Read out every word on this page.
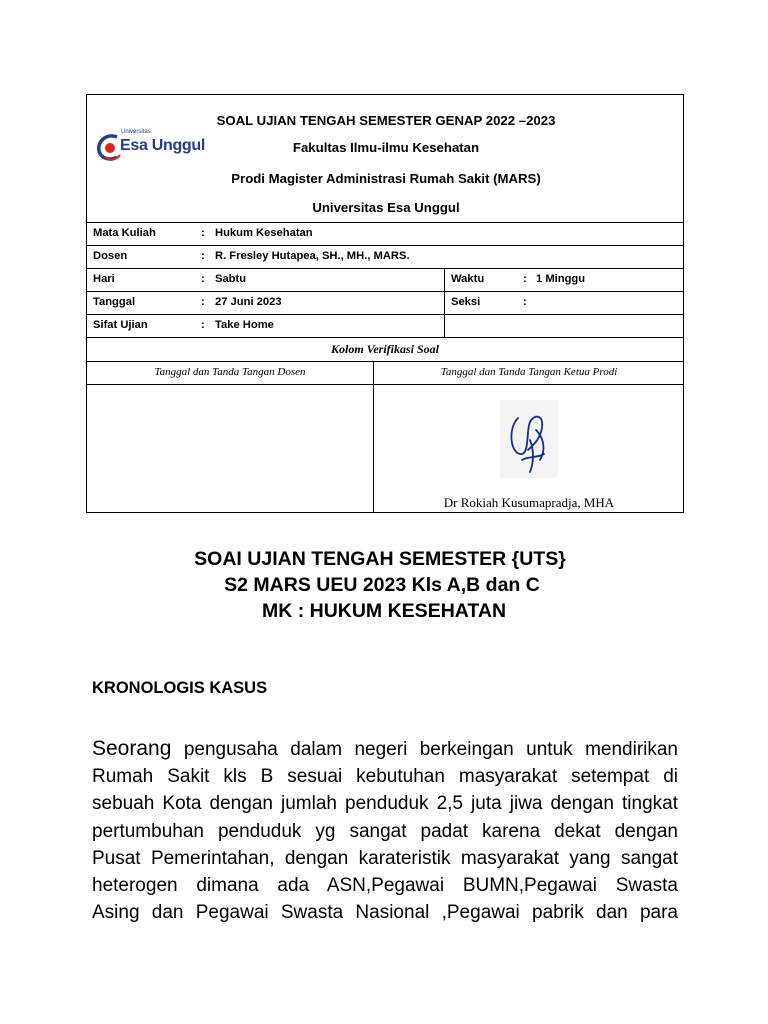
Universitas
Esa Unggul
SOAL UJIAN TENGAH SEMESTER GENAP 2022 –2023
Fakultas Ilmu-ilmu Kesehatan
Prodi Magister Administrasi Rumah Sakit (MARS)
Universitas Esa Unggul
Mata Kuliah	: Hukum Kesehatan
Dosen	: R. Fresley Hutapea, SH., MH., MARS.
Hari	: Sabtu	Waktu	: 1 Minggu
Tanggal	: 27 Juni 2023	Seksi	:
Sifat Ujian	: Take Home
Kolom Verifikasi Soal
Tanggal dan Tanda Tangan Dosen	Tanggal dan Tanda Tangan Ketua Prodi
Dr Rokiah Kusumapradja, MHA
SOAI UJIAN TENGAH SEMESTER {UTS}
S2 MARS UEU 2023 Kls A,B dan C
MK : HUKUM KESEHATAN
KRONOLOGIS KASUS
Seorang pengusaha dalam negeri berkeingan untuk mendirikan
Rumah Sakit kls B sesuai kebutuhan masyarakat setempat di
sebuah Kota dengan jumlah penduduk 2,5 juta jiwa dengan tingkat
pertumbuhan penduduk yg sangat padat karena dekat dengan
Pusat Pemerintahan, dengan karateristik masyarakat yang sangat
heterogen dimana ada ASN,Pegawai BUMN,Pegawai Swasta
Asing dan Pegawai Swasta Nasional ,Pegawai pabrik dan para
